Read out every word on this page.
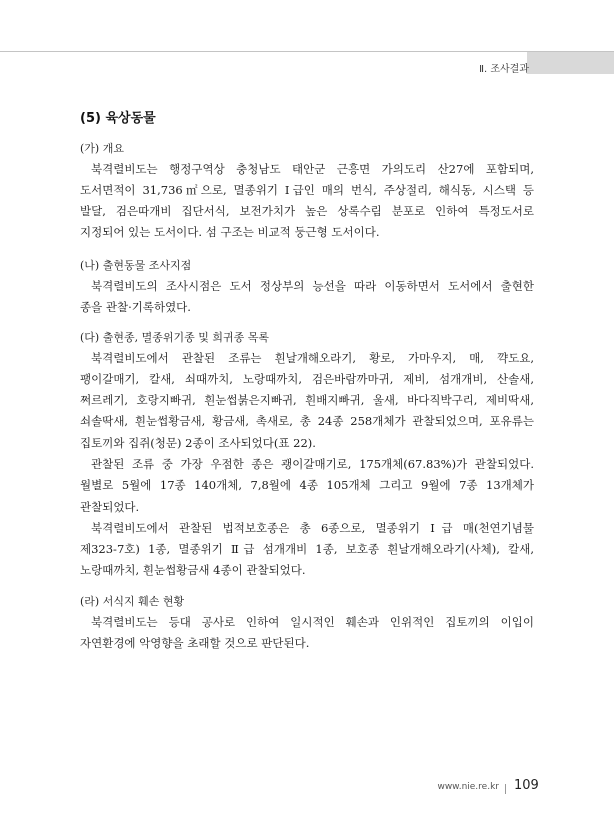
Ⅱ. 조사결과
(5) 육상동물
(가) 개요
북격렬비도는 행정구역상 충청남도 태안군 근흥면 가의도리 산27에 포함되며,
도서면적이 31,736㎡으로, 멸종위기 Ⅰ급인 매의 번식, 주상절리, 해식동, 시스택 등
발달, 검은따개비 집단서식, 보전가치가 높은 상록수림 분포로 인하여 특정도서로
지정되어 있는 도서이다. 섬 구조는 비교적 둥근형 도서이다.
(나) 출현동물 조사지점
북격렬비도의 조사시점은 도서 정상부의 능선을 따라 이동하면서 도서에서 출현한
종을 관찰·기록하였다.
(다) 출현종, 멸종위기종 및 희귀종 목록
북격렬비도에서 관찰된 조류는 흰날개해오라기, 황로, 가마우지, 매, 꺅도요,
팽이갈매기, 칼새, 쇠때까치, 노랑때까치, 검은바람까마귀, 제비, 섬개개비, 산솔새,
쩌르레기, 호랑지빠귀, 흰눈썹붉은지빠귀, 흰배지빠귀, 울새, 바다직박구리, 제비딱새,
쇠솔딱새, 흰눈썹황금새, 황금새, 촉새로, 총 24종 258개체가 관찰되었으며, 포유류는
집토끼와 집쥐(청문) 2종이 조사되었다(표 22).
관찰된 조류 중 가장 우점한 종은 괭이갈매기로, 175개체(67.83%)가 관찰되었다.
월별로 5월에 17종 140개체, 7,8월에 4종 105개체 그리고 9월에 7종 13개체가
관찰되었다.
북격렬비도에서 관찰된 법적보호종은 총 6종으로, 멸종위기 Ⅰ급 매(천연기념물
제323-7호) 1종, 멸종위기 Ⅱ급 섬개개비 1종, 보호종 흰날개해오라기(사체), 칼새,
노랑때까치, 흰눈썹황금새 4종이 관찰되었다.
(라) 서식지 훼손 현황
북격렬비도는 등대 공사로 인하여 일시적인 훼손과 인위적인 집토끼의 이입이
자연환경에 악영향을 초래할 것으로 판단된다.
www.nie.re.kr 109
